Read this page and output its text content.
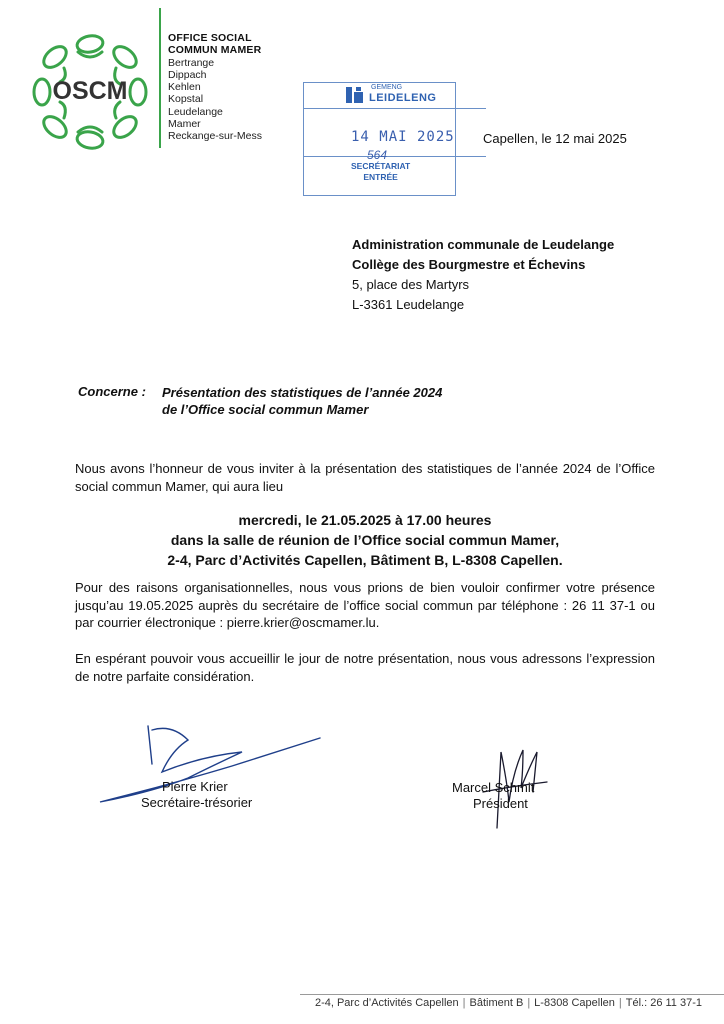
OSCM
OFFICE SOCIAL
COMMUN MAMER
Bertrange
Dippach
Kehlen
Kopstal
Leudelange
Mamer
Reckange-sur-Mess
GEMENG
LEIDELENG
14 MAI 2025
564
SECRÉTARIAT
ENTRÉE
Capellen, le 12 mai 2025
Administration communale de Leudelange
Collège des Bourgmestre et Échevins
5, place des Martyrs
L-3361 Leudelange
Concerne : Présentation des statistiques de l’année 2024
de l’Office social commun Mamer
Nous avons l’honneur de vous inviter à la présentation des statistiques de l’année 2024 de l’Office social commun Mamer, qui aura lieu
mercredi, le 21.05.2025 à 17.00 heures
dans la salle de réunion de l’Office social commun Mamer,
2-4, Parc d’Activités Capellen, Bâtiment B, L-8308 Capellen.
Pour des raisons organisationnelles, nous vous prions de bien vouloir confirmer votre présence jusqu’au 19.05.2025 auprès du secrétaire de l’office social commun par téléphone : 26 11 37-1 ou par courrier électronique : pierre.krier@oscmamer.lu.
En espérant pouvoir vous accueillir le jour de notre présentation, nous vous adressons l’expression de notre parfaite considération.
Pierre Krier
Secrétaire-trésorier
Marcel Schmit
Président
2-4, Parc d’Activités Capellen | Bâtiment B | L-8308 Capellen | Tél.: 26 11 37-1
